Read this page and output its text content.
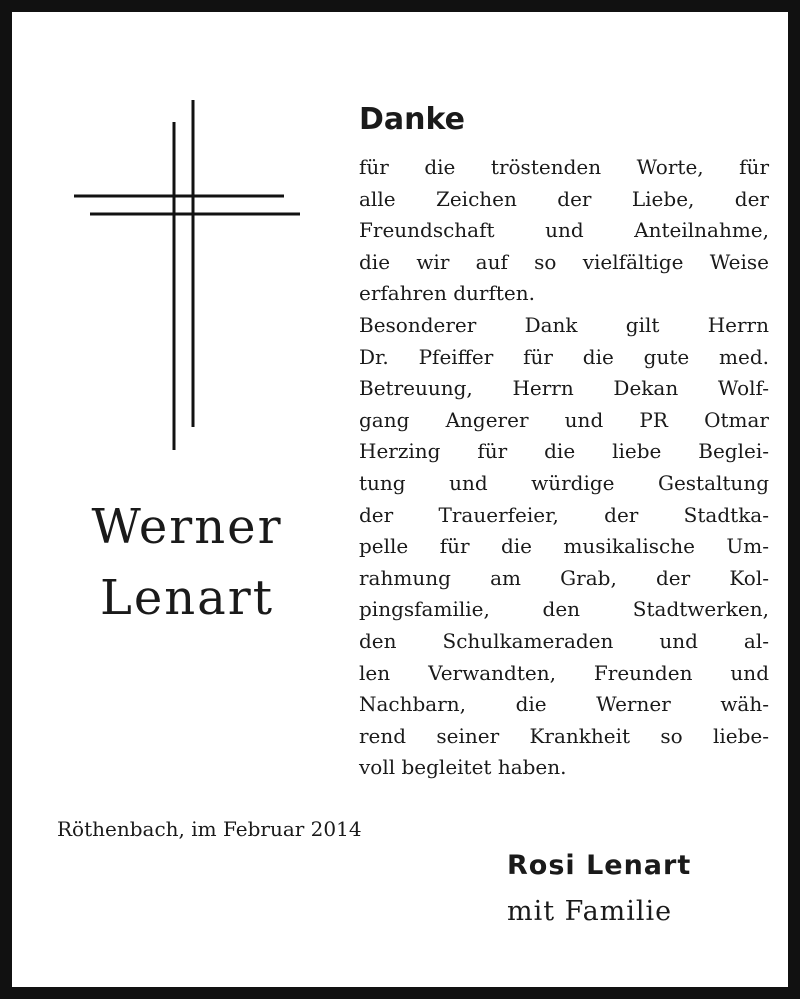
Werner
Lenart
Danke
für die tröstenden Worte, für
alle Zeichen der Liebe, der
Freundschaft und Anteilnahme,
die wir auf so vielfältige Weise
erfahren durften.
Besonderer Dank gilt Herrn
Dr. Pfeiffer für die gute med.
Betreuung, Herrn Dekan Wolf-
gang Angerer und PR Otmar
Herzing für die liebe Beglei-
tung und würdige Gestaltung
der Trauerfeier, der Stadtka-
pelle für die musikalische Um-
rahmung am Grab, der Kol-
pingsfamilie, den Stadtwerken,
den Schulkameraden und al-
len Verwandten, Freunden und
Nachbarn, die Werner wäh-
rend seiner Krankheit so liebe-
voll begleitet haben.
Röthenbach, im Februar 2014
Rosi Lenart
mit Familie
